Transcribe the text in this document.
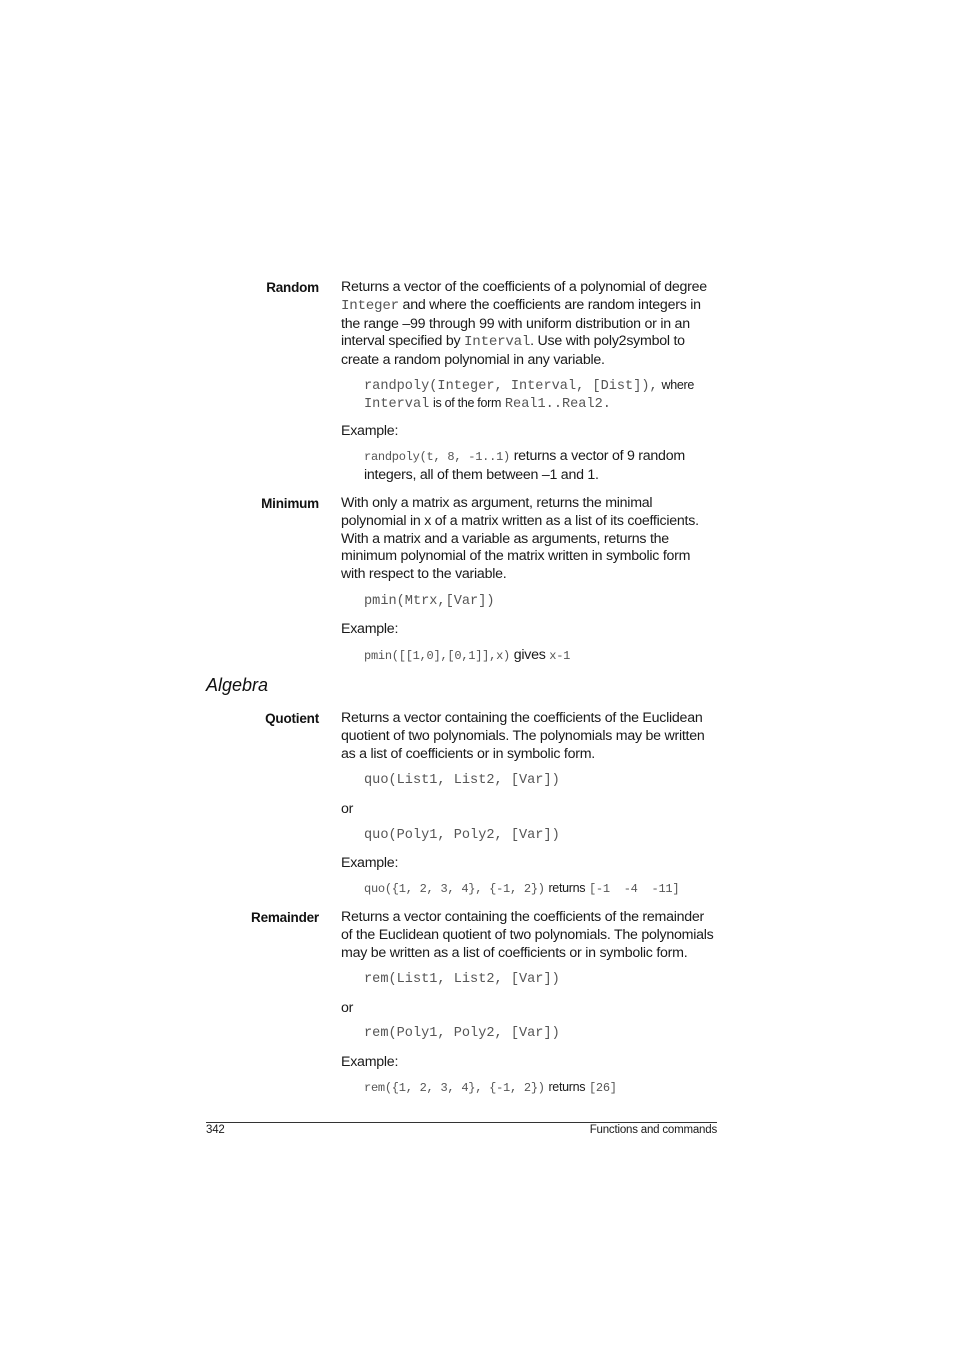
Random Returns a vector of the coefficients of a polynomial of degree
Integer and where the coefficients are random integers in
the range –99 through 99 with uniform distribution or in an
interval specified by Interval. Use with poly2symbol to
create a random polynomial in any variable.
randpoly(Integer, Interval, [Dist]), where
Interval is of the form Real1..Real2.
Example:
randpoly(t, 8, -1..1) returns a vector of 9 random
integers, all of them between –1 and 1.
Minimum With only a matrix as argument, returns the minimal
polynomial in x of a matrix written as a list of its coefficients.
With a matrix and a variable as arguments, returns the
minimum polynomial of the matrix written in symbolic form
with respect to the variable.
pmin(Mtrx,[Var])
Example:
pmin([[1,0],[0,1]],x) gives x-1
Algebra
Quotient Returns a vector containing the coefficients of the Euclidean
quotient of two polynomials. The polynomials may be written
as a list of coefficients or in symbolic form.
quo(List1, List2, [Var])
or
quo(Poly1, Poly2, [Var])
Example:
quo({1, 2, 3, 4}, {-1, 2}) returns [-1  -4  -11]
Remainder Returns a vector containing the coefficients of the remainder
of the Euclidean quotient of two polynomials. The polynomials
may be written as a list of coefficients or in symbolic form.
rem(List1, List2, [Var])
or
rem(Poly1, Poly2, [Var])
Example:
rem({1, 2, 3, 4}, {-1, 2}) returns [26]
342	Functions and commands
